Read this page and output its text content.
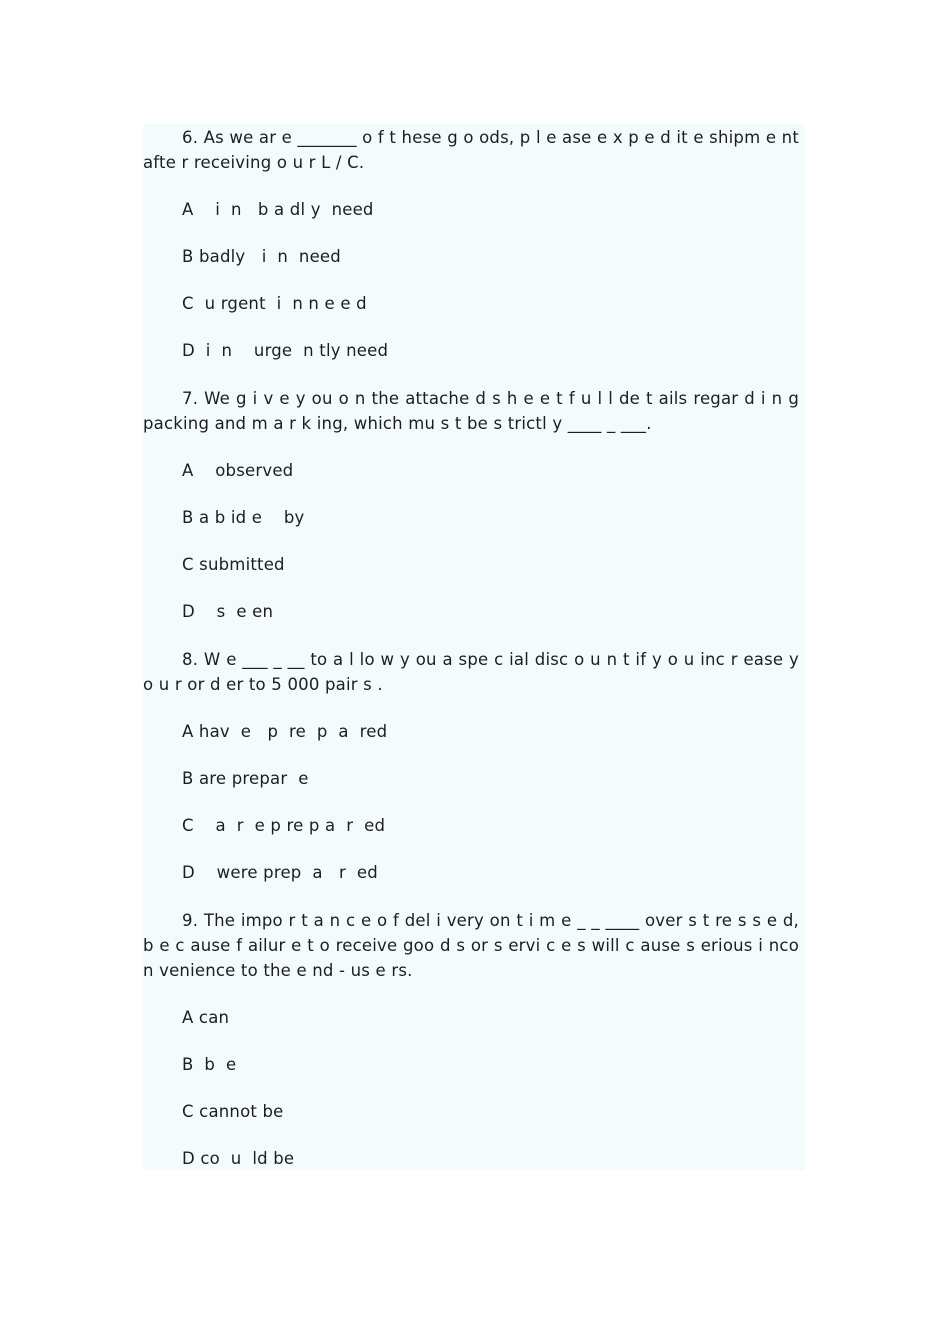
6. As we ar e _______ o f t hese g o ods, p l e ase e x p e d it e shipm e nt afte r receiving o u r L / C.

A    i  n   b a dl y  need

B badly   i  n  need

C  u rgent  i  n n e e d

D  i  n    urge  n tly need

7. We g i v e y ou o n the attache d s h e e t f u l l de t ails regar d i n g packing and m a r k ing, which mu s t be s trictl y ____ _ ___.

A    observed

B a b id e    by

C submitted

D    s  e en

8. W e ___ _ __ to a l lo w y ou a spe c ial disc o u n t if y o u inc r ease y o u r or d er to 5 000 pair s .

A hav  e   p  re  p  a  red

B are prepar  e

C    a  r  e p re p a  r  ed

D    were prep  a   r  ed

9. The impo r t a n c e o f del i very on t i m e _ _ ____ over s t re s s e d, b e c ause f ailur e t o receive goo d s or s ervi c e s will c ause s erious i nco n venience to the e nd - us e rs.

A can

B  b  e

C cannot be

D co  u  ld be
